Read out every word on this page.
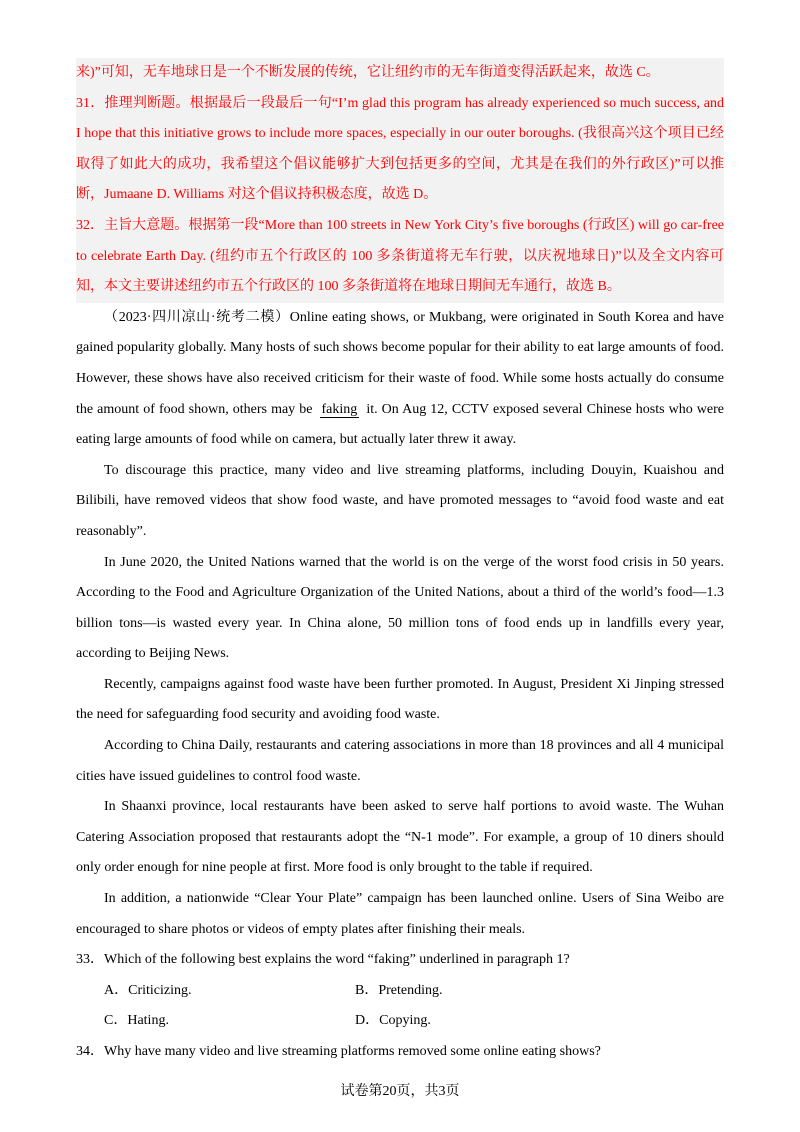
来)”可知，无车地球日是一个不断发展的传统，它让纽约市的无车街道变得活跃起来，故选 C。

31．推理判断题。根据最后一段最后一句“I’m glad this program has already experienced so much success, and I hope that this initiative grows to include more spaces, especially in our outer boroughs. (我很高兴这个项目已经取得了如此大的成功，我希望这个倡议能够扩大到包括更多的空间，尤其是在我们的外行政区)”可以推断，Jumaane D. Williams 对这个倡议持积极态度，故选 D。

32．主旨大意题。根据第一段“More than 100 streets in New York City’s five boroughs (行政区) will go car-free to celebrate Earth Day. (纽约市五个行政区的 100 多条街道将无车行驶，以庆祝地球日)”以及全文内容可知，本文主要讲述纽约市五个行政区的 100 多条街道将在地球日期间无车通行，故选 B。

（2023·四川凉山·统考二模）Online eating shows, or Mukbang, were originated in South Korea and have gained popularity globally. Many hosts of such shows become popular for their ability to eat large amounts of food. However, these shows have also received criticism for their waste of food. While some hosts actually do consume the amount of food shown, others may be faking it. On Aug 12, CCTV exposed several Chinese hosts who were eating large amounts of food while on camera, but actually later threw it away.

To discourage this practice, many video and live streaming platforms, including Douyin, Kuaishou and Bilibili, have removed videos that show food waste, and have promoted messages to “avoid food waste and eat reasonably”.

In June 2020, the United Nations warned that the world is on the verge of the worst food crisis in 50 years. According to the Food and Agriculture Organization of the United Nations, about a third of the world’s food—1.3 billion tons—is wasted every year. In China alone, 50 million tons of food ends up in landfills every year, according to Beijing News.

Recently, campaigns against food waste have been further promoted. In August, President Xi Jinping stressed the need for safeguarding food security and avoiding food waste.

According to China Daily, restaurants and catering associations in more than 18 provinces and all 4 municipal cities have issued guidelines to control food waste.

In Shaanxi province, local restaurants have been asked to serve half portions to avoid waste. The Wuhan Catering Association proposed that restaurants adopt the “N-1 mode”. For example, a group of 10 diners should only order enough for nine people at first. More food is only brought to the table if required.

In addition, a nationwide “Clear Your Plate” campaign has been launched online. Users of Sina Weibo are encouraged to share photos or videos of empty plates after finishing their meals.

33．Which of the following best explains the word “faking” underlined in paragraph 1?

A．Criticizing.	B．Pretending.
C．Hating.	D．Copying.

34．Why have many video and live streaming platforms removed some online eating shows?

试卷第20页，共3页
